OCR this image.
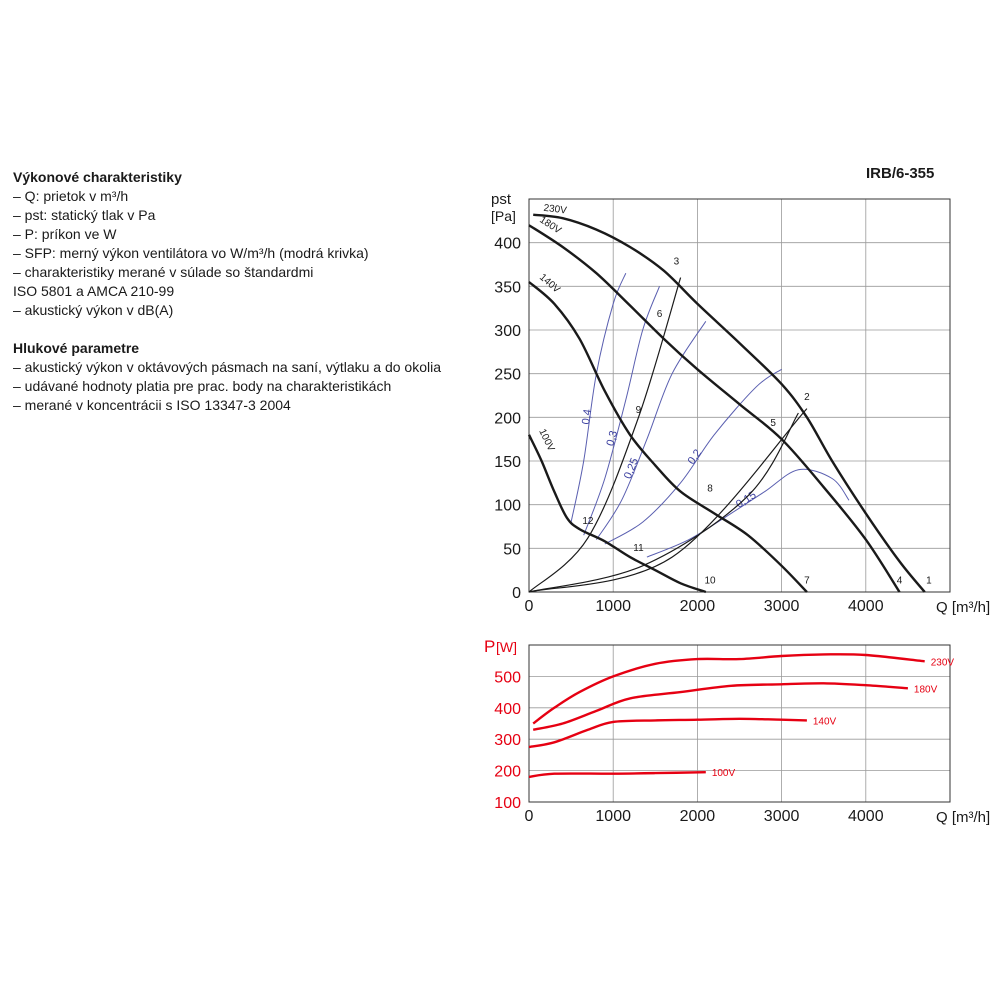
Výkonové charakteristiky
– Q: prietok v m³/h
– pst: statický tlak v Pa
– P: príkon ve W
– SFP: merný výkon ventilátora vo W/m³/h (modrá krivka)
– charakteristiky merané v súlade so štandardmi
ISO 5801 a AMCA 210-99
– akustický výkon v dB(A)
Hlukové parametre
– akustický výkon v oktávových pásmach na saní, výtlaku a do okolia
– udávané hodnoty platia pre prac. body na charakteristikách
– merané v koncentrácii s ISO 13347-3 2004
IRB/6-355
0	1000	2000	3000	4000
0
50
100
150
200
250
300
350
400
Q [m³/h]
pst
[Pa]
0,4
0,3
0,25	0,2
0,15
230V
180V
140V
100V
1
2
3
4
5
6
7
8
9
10
11
12
0	1000	2000	3000	4000
100
200
300
400
500
Q [m³/h]
P [W]
230V
180V
140V
100V
